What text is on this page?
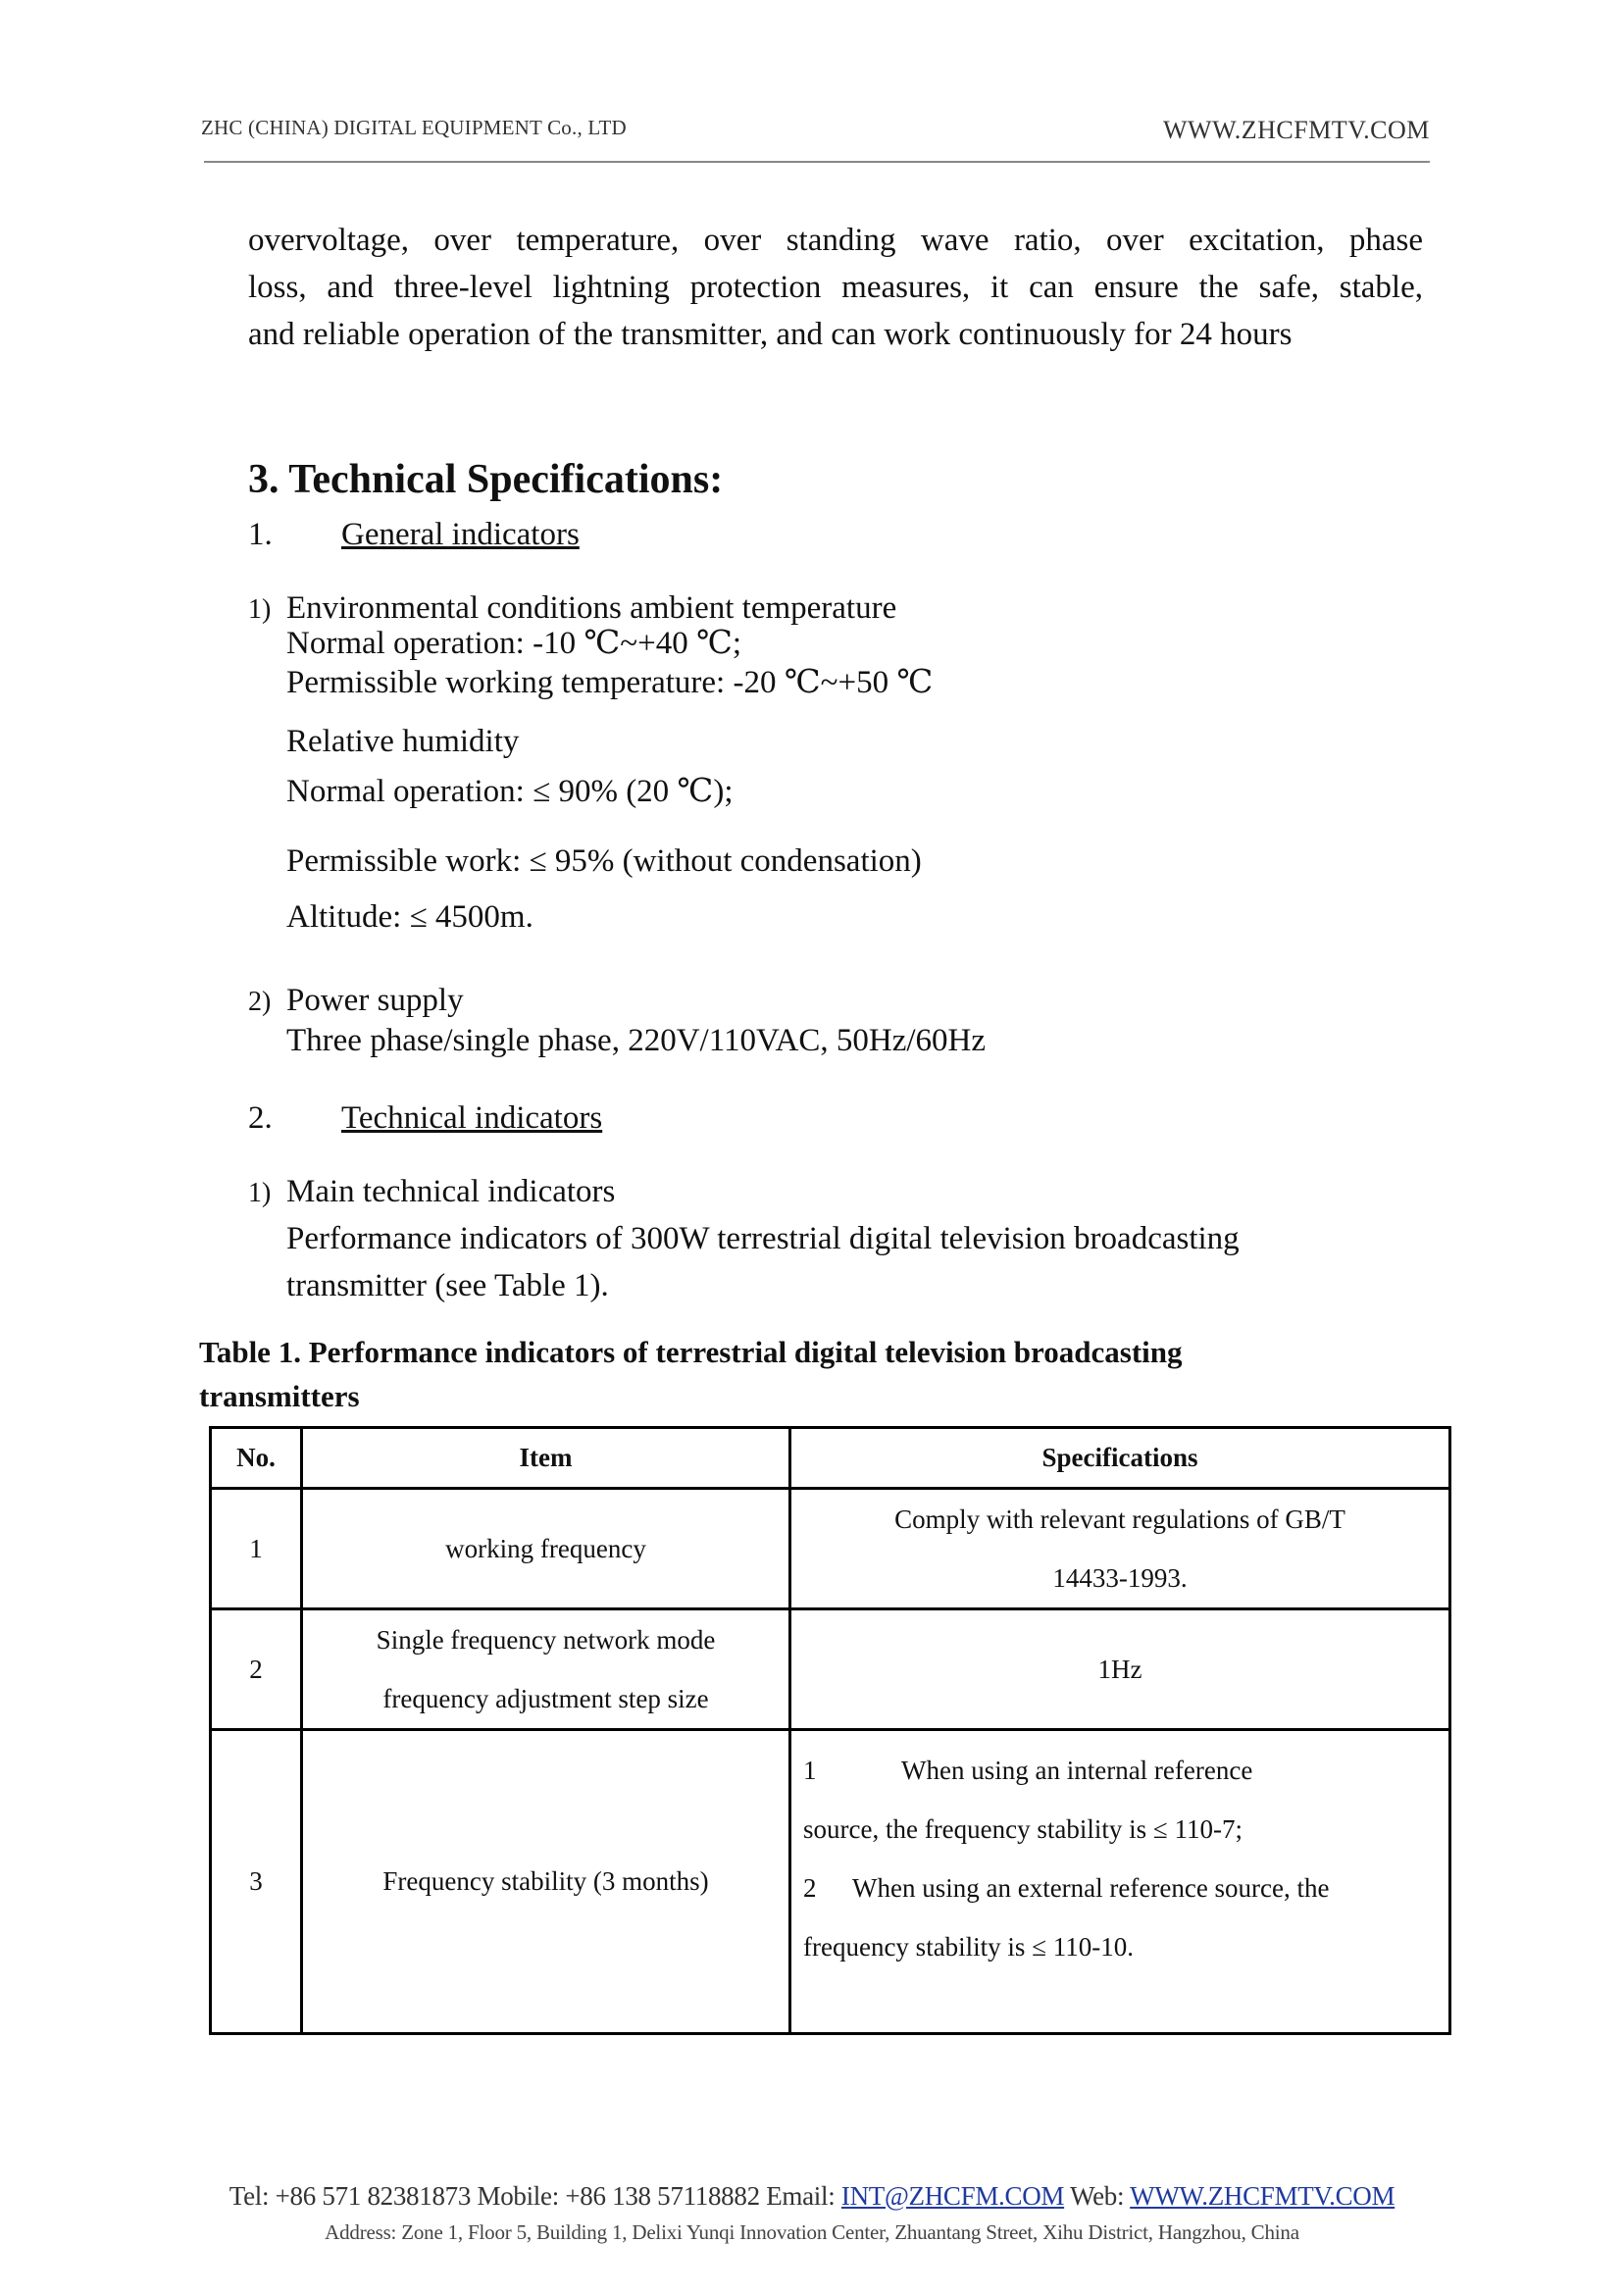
ZHC (CHINA) DIGITAL EQUIPMENT Co., LTD	WWW.ZHCFMTV.COM
overvoltage, over temperature, over standing wave ratio, over excitation, phase
loss, and three-level lightning protection measures, it can ensure the safe, stable,
and reliable operation of the transmitter, and can work continuously for 24 hours
3. Technical Specifications:
1. General indicators
1) Environmental conditions ambient temperature
Normal operation: -10 ℃~+40 ℃;
Permissible working temperature: -20 ℃~+50 ℃
Relative humidity
Normal operation: ≤ 90% (20 ℃);
Permissible work: ≤ 95% (without condensation)
Altitude: ≤ 4500m.
2) Power supply
Three phase/single phase, 220V/110VAC, 50Hz/60Hz
2. Technical indicators
1) Main technical indicators
Performance indicators of 300W terrestrial digital television broadcasting
transmitter (see Table 1).
Table 1. Performance indicators of terrestrial digital television broadcasting
transmitters
No.	Item	Specifications
1	working frequency	Comply with relevant regulations of GB/T
14433-1993.

2	Single frequency network mode
frequency adjustment step size	1Hz
3	Frequency stability (3 months)	1 When using an internal reference
source, the frequency stability is ≤ 110-7;
2 When using an external reference source, the
frequency stability is ≤ 110-10.
Tel: +86 571 82381873 Mobile: +86 138 57118882 Email: INT@ZHCFM.COM Web: WWW.ZHCFMTV.COM
Address: Zone 1, Floor 5, Building 1, Delixi Yunqi Innovation Center, Zhuantang Street, Xihu District, Hangzhou, China
